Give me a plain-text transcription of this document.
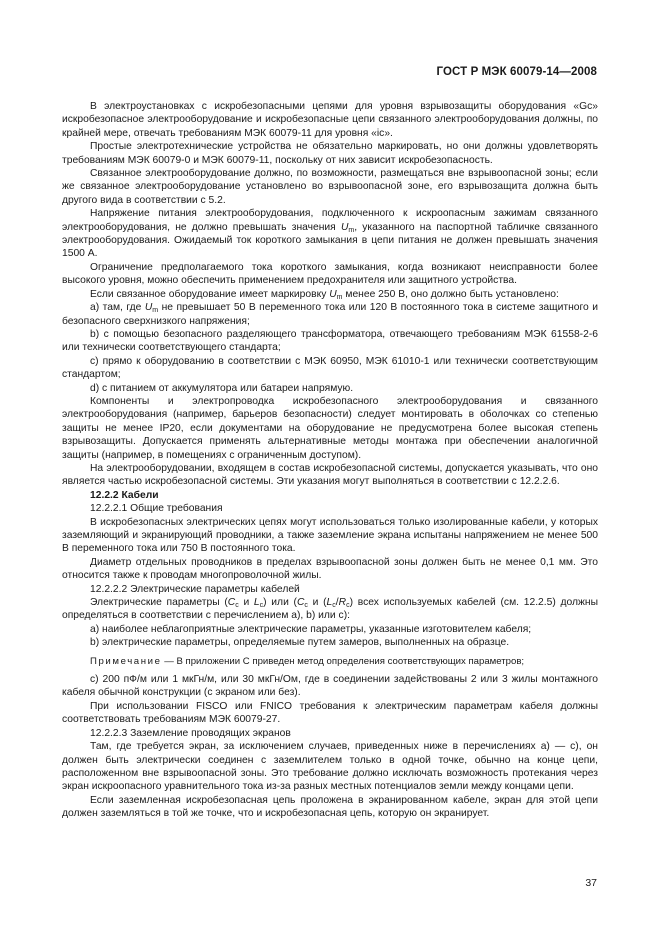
ГОСТ Р МЭК 60079-14—2008

В электроустановках с искробезопасными цепями для уровня взрывозащиты оборудования «Gc» искробезопасное электрооборудование и искробезопасные цепи связанного электрооборудования должны, по крайней мере, отвечать требованиям МЭК 60079-11 для уровня «ic».

Простые электротехнические устройства не обязательно маркировать, но они должны удовлетворять требованиям МЭК 60079-0 и МЭК 60079-11, поскольку от них зависит искробезопасность.

Связанное электрооборудование должно, по возможности, размещаться вне взрывоопасной зоны; если же связанное электрооборудование установлено во взрывоопасной зоне, его взрывозащита должна быть другого вида в соответствии с 5.2.

Напряжение питания электрооборудования, подключенного к искроопасным зажимам связанного электрооборудования, не должно превышать значения $U_m$, указанного на паспортной табличке связанного электрооборудования. Ожидаемый ток короткого замыкания в цепи питания не должен превышать значения 1500 А.

Ограничение предполагаемого тока короткого замыкания, когда возникают неисправности более высокого уровня, можно обеспечить применением предохранителя или защитного устройства.

Если связанное оборудование имеет маркировку $U_m$ менее 250 В, оно должно быть установлено:

а) там, где $U_m$ не превышает 50 В переменного тока или 120 В постоянного тока в системе защитного и безопасного сверхнизкого напряжения;

b) с помощью безопасного разделяющего трансформатора, отвечающего требованиям МЭК 61558-2-6 или технически соответствующего стандарта;

c) прямо к оборудованию в соответствии с МЭК 60950, МЭК 61010-1 или технически соответствующим стандартом;

d) с питанием от аккумулятора или батареи напрямую.

Компоненты и электропроводка искробезопасного электрооборудования и связанного электрооборудования (например, барьеров безопасности) следует монтировать в оболочках со степенью защиты не менее IP20, если документами на оборудование не предусмотрена более высокая степень взрывозащиты. Допускается применять альтернативные методы монтажа при обеспечении аналогичной защиты (например, в помещениях с ограниченным доступом).

На электрооборудовании, входящем в состав искробезопасной системы, допускается указывать, что оно является частью искробезопасной системы. Эти указания могут выполняться в соответствии с 12.2.2.6.

12.2.2 Кабели

12.2.2.1 Общие требования

В искробезопасных электрических цепях могут использоваться только изолированные кабели, у которых заземляющий и экранирующий проводники, а также заземление экрана испытаны напряжением не менее 500 В переменного тока или 750 В постоянного тока.

Диаметр отдельных проводников в пределах взрывоопасной зоны должен быть не менее 0,1 мм. Это относится также к проводам многопроволочной жилы.

12.2.2.2 Электрические параметры кабелей

Электрические параметры ($C_c$ и $L_c$) или ($C_c$ и $(L_c/R_c)$ всех используемых кабелей (см. 12.2.5) должны определяться в соответствии с перечислением a), b) или c):

а) наиболее неблагоприятные электрические параметры, указанные изготовителем кабеля;

b) электрические параметры, определяемые путем замеров, выполненных на образце.

Примечание — В приложении С приведен метод определения соответствующих параметров;

c) 200 пФ/м или 1 мкГн/м, или 30 мкГн/Ом, где в соединении задействованы 2 или 3 жилы монтажного кабеля обычной конструкции (с экраном или без).

При использовании FISCO или FNICO требования к электрическим параметрам кабеля должны соответствовать требованиям МЭК 60079-27.

12.2.2.3 Заземление проводящих экранов

Там, где требуется экран, за исключением случаев, приведенных ниже в перечислениях а) — с), он должен быть электрически соединен с заземлителем только в одной точке, обычно на конце цепи, расположенном вне взрывоопасной зоны. Это требование должно исключать возможность протекания через экран искроопасного уравнительного тока из-за разных местных потенциалов земли между концами цепи.

Если заземленная искробезопасная цепь проложена в экранированном кабеле, экран для этой цепи должен заземляться в той же точке, что и искробезопасная цепь, которую он экранирует.

37
